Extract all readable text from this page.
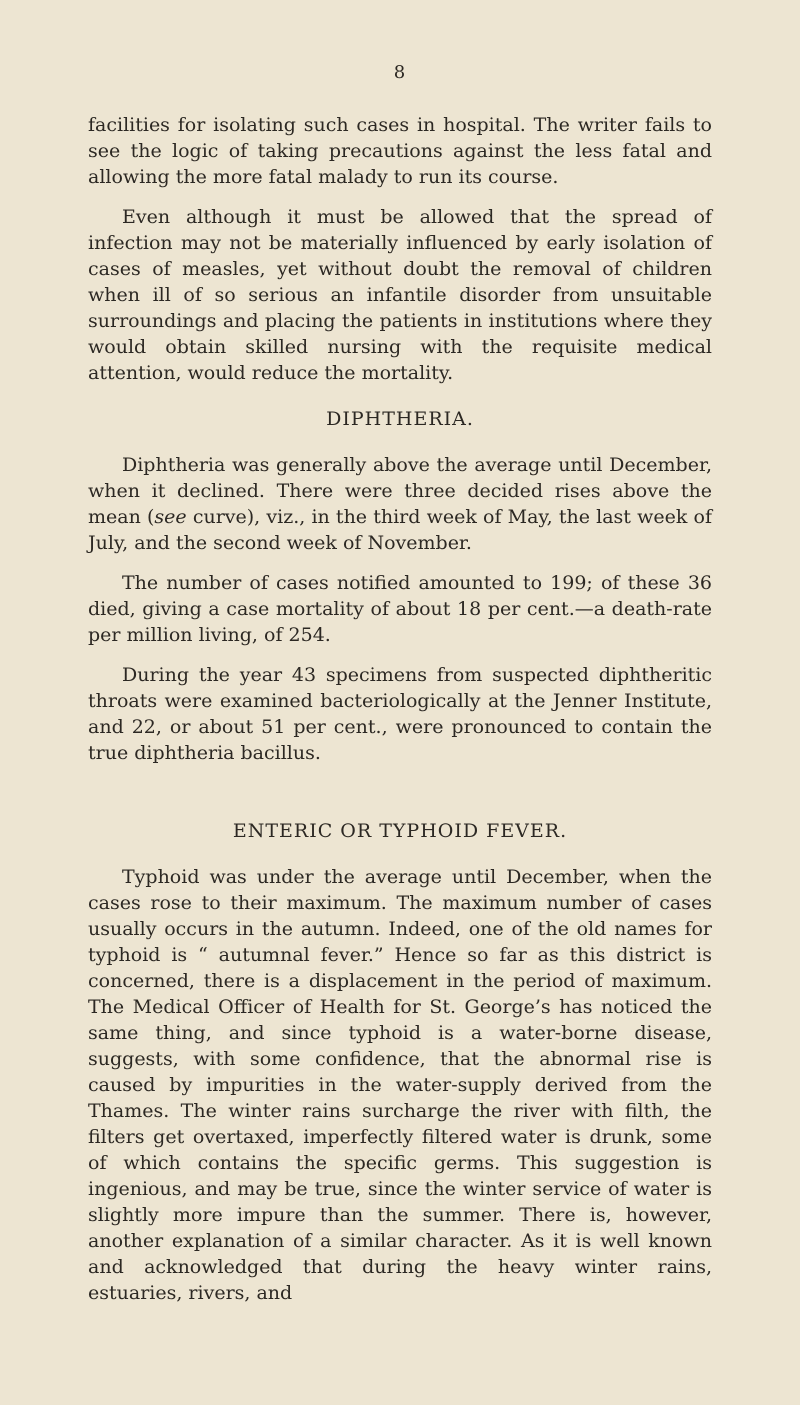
8

facilities for isolating such cases in hospital. The writer fails to see the logic of taking precautions against the less fatal and allowing the more fatal malady to run its course.

Even although it must be allowed that the spread of infection may not be materially influenced by early isolation of cases of measles, yet without doubt the removal of children when ill of so serious an infantile disorder from unsuitable surroundings and placing the patients in institutions where they would obtain skilled nursing with the requisite medical attention, would reduce the mortality.

DIPHTHERIA.

Diphtheria was generally above the average until December, when it declined. There were three decided rises above the mean (see curve), viz., in the third week of May, the last week of July, and the second week of November.

The number of cases notified amounted to 199; of these 36 died, giving a case mortality of about 18 per cent.—a death-rate per million living, of 254.

During the year 43 specimens from suspected diphtheritic throats were examined bacteriologically at the Jenner Institute, and 22, or about 51 per cent., were pronounced to contain the true diphtheria bacillus.

ENTERIC OR TYPHOID FEVER.

Typhoid was under the average until December, when the cases rose to their maximum. The maximum number of cases usually occurs in the autumn. Indeed, one of the old names for typhoid is “ autumnal fever.” Hence so far as this district is concerned, there is a displacement in the period of maximum. The Medical Officer of Health for St. George’s has noticed the same thing, and since typhoid is a water-borne disease, suggests, with some confidence, that the abnormal rise is caused by impurities in the water-supply derived from the Thames. The winter rains surcharge the river with filth, the filters get overtaxed, imperfectly filtered water is drunk, some of which contains the specific germs. This suggestion is ingenious, and may be true, since the winter service of water is slightly more impure than the summer. There is, however, another explanation of a similar character. As it is well known and acknowledged that during the heavy winter rains, estuaries, rivers, and
